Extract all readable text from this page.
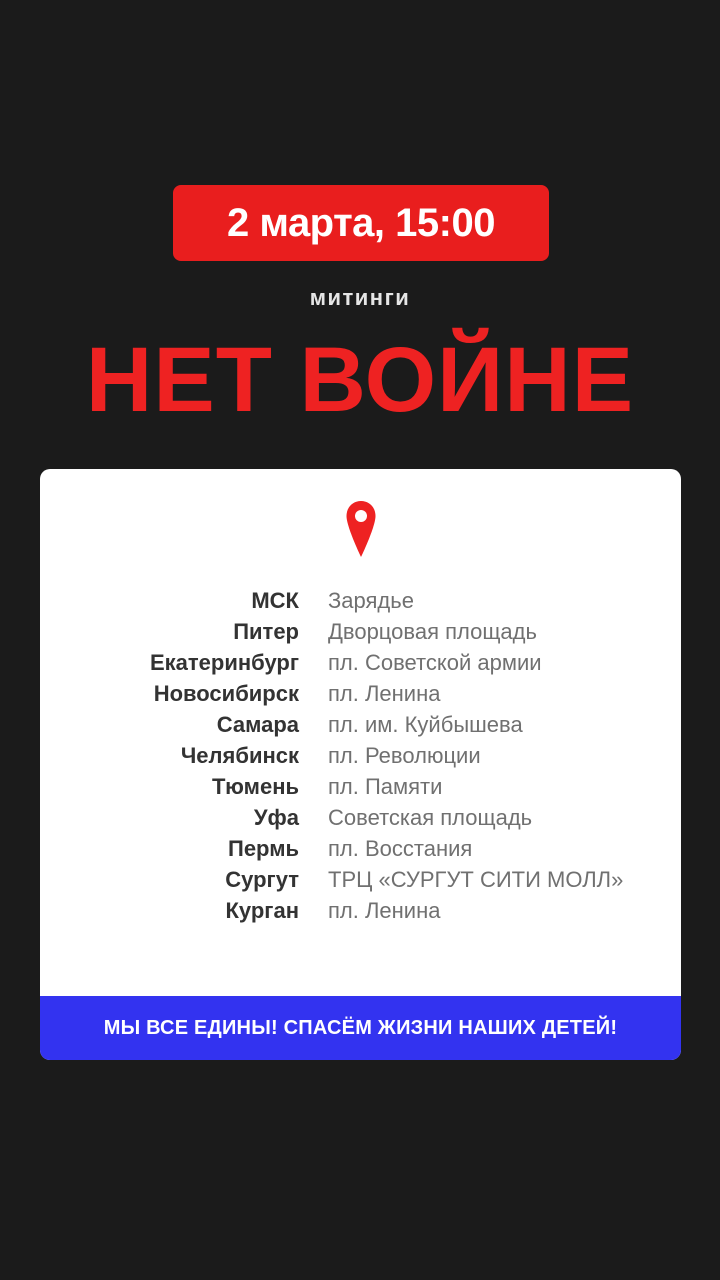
2 марта, 15:00
митинги
НЕТ ВОЙНЕ
МСК Зарядье
Питер Дворцовая площадь
Екатеринбург пл. Советской армии
Новосибирск пл. Ленина
Самара пл. им. Куйбышева
Челябинск пл. Революции
Тюмень пл. Памяти
Уфа Советская площадь
Пермь пл. Восстания
Сургут ТРЦ «СУРГУТ СИТИ МОЛЛ»
Курган пл. Ленина
МЫ ВСЕ ЕДИНЫ! СПАСЁМ ЖИЗНИ НАШИХ ДЕТЕЙ!
